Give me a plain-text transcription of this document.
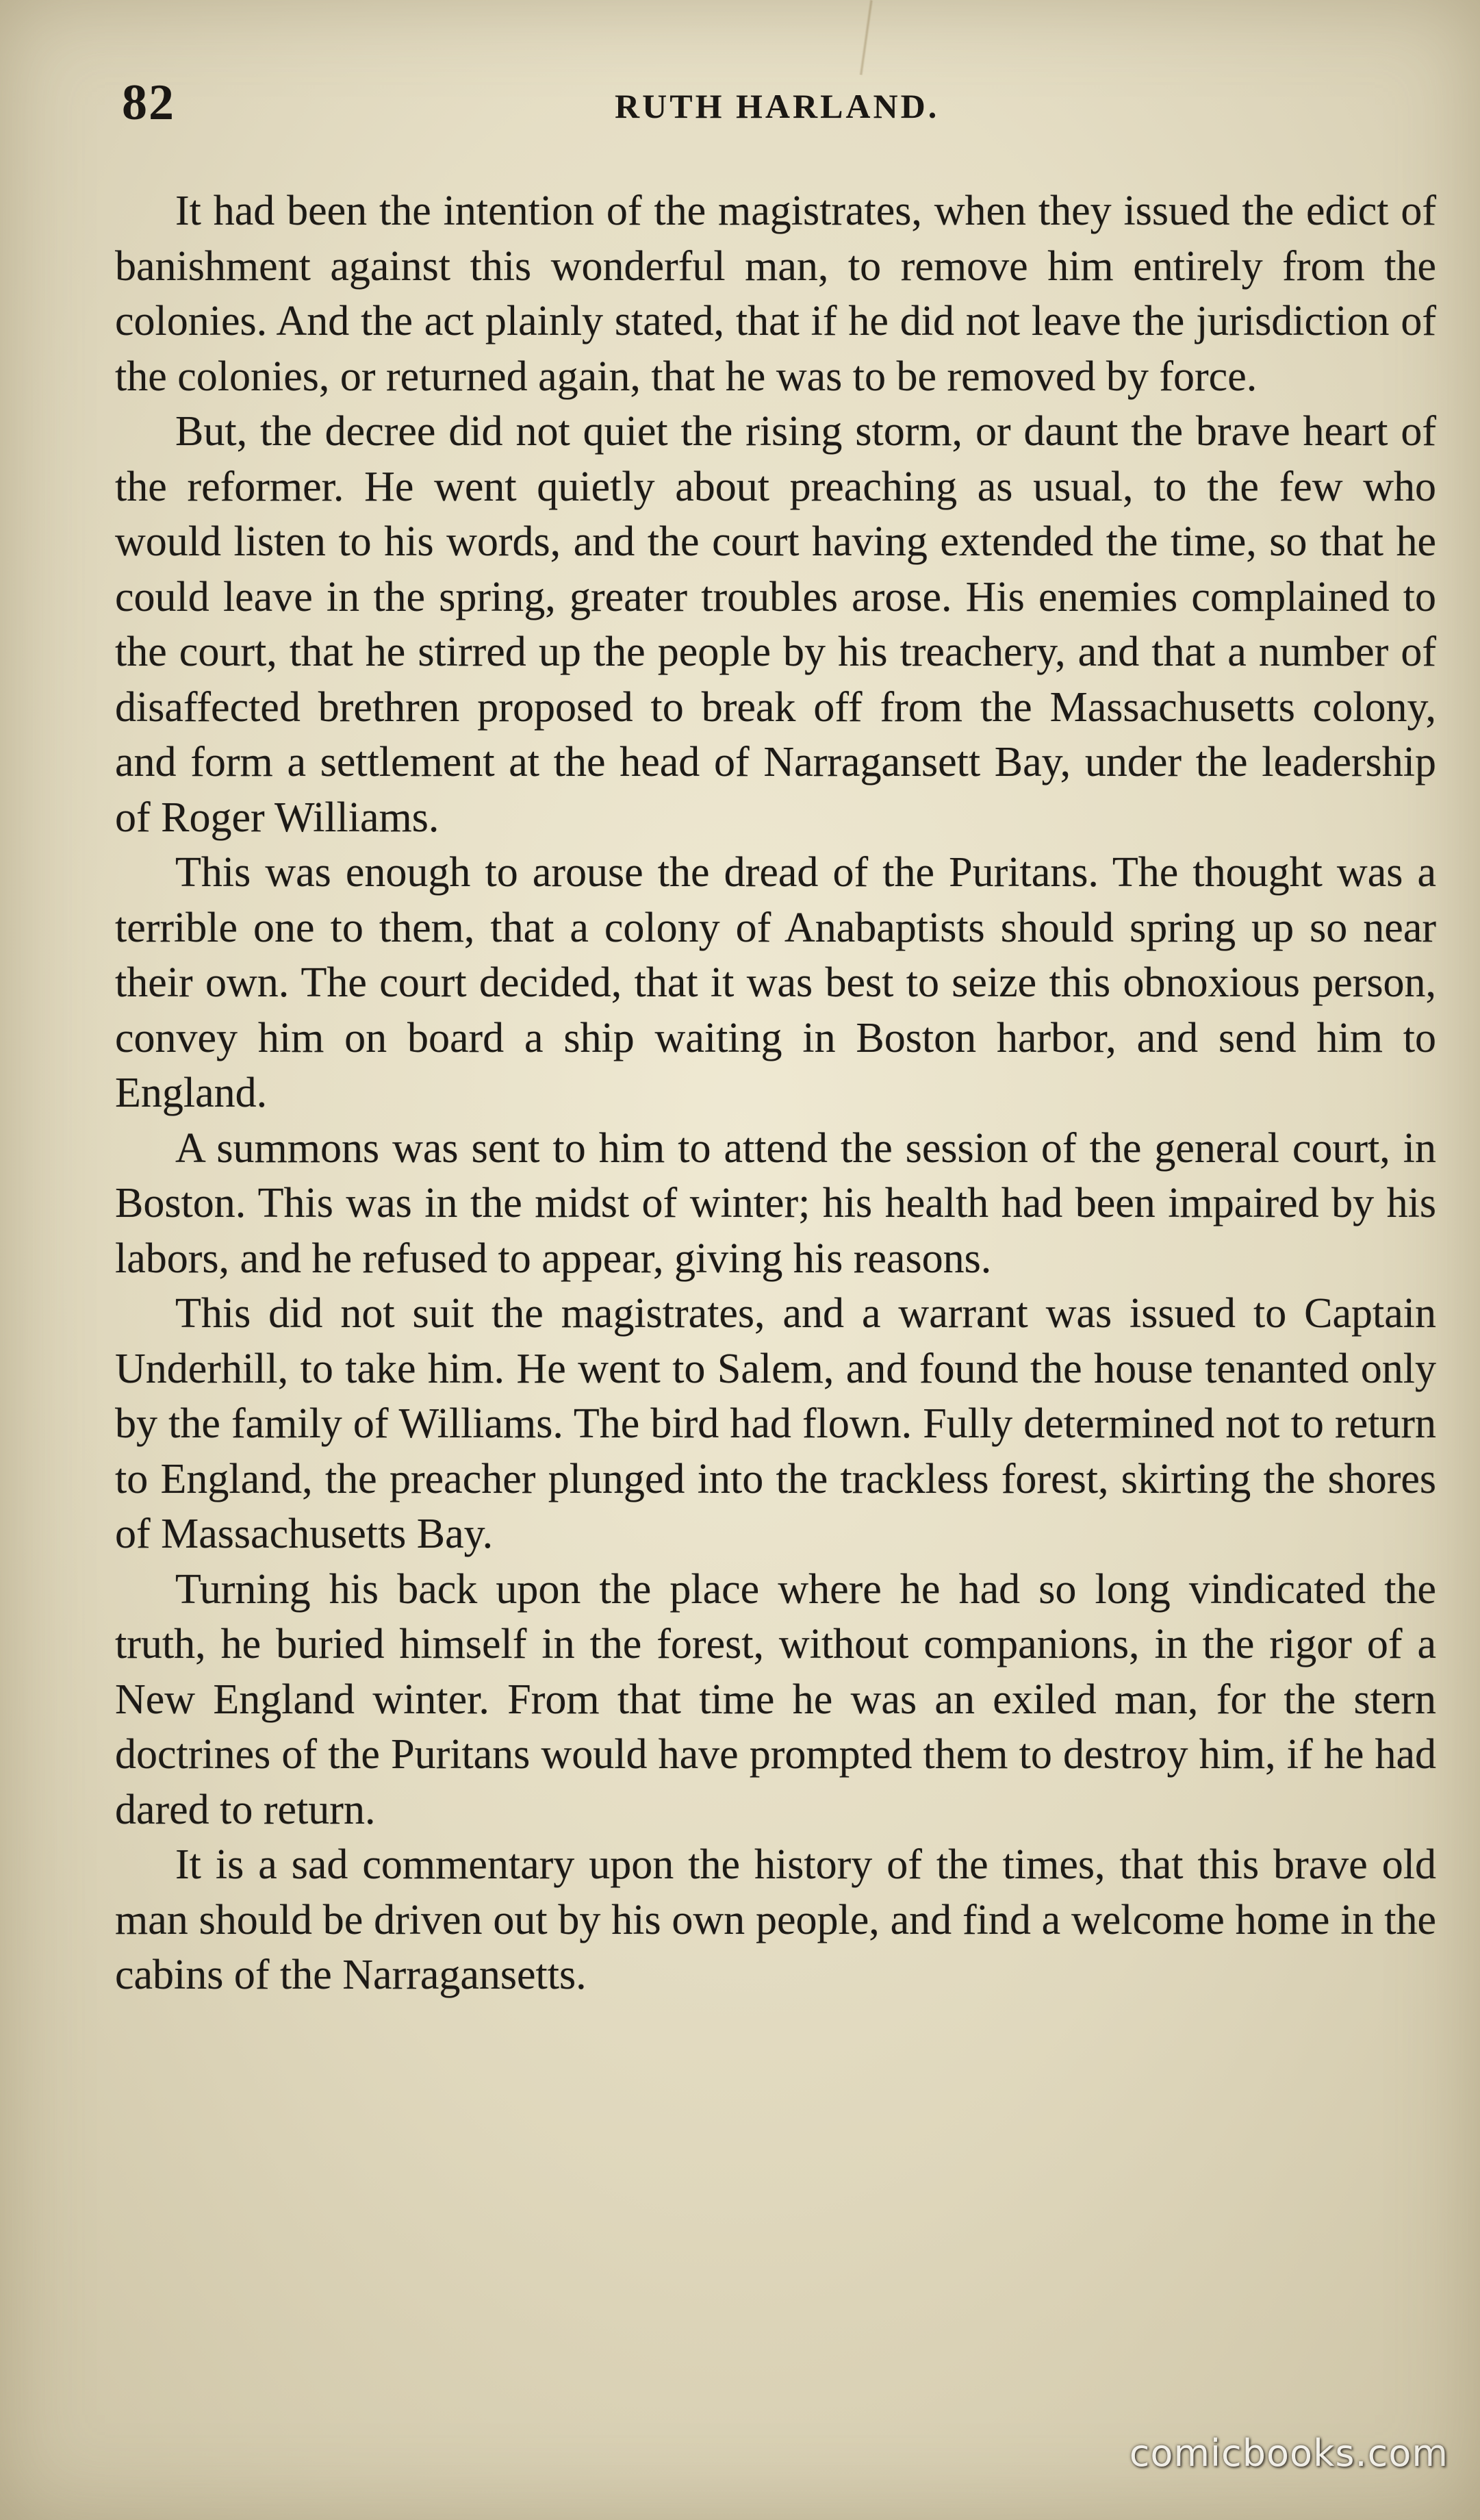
82	RUTH HARLAND.

It had been the intention of the magistrates, when they issued the edict of banishment against this wonderful man, to remove him entirely from the colonies. And the act plainly stated, that if he did not leave the jurisdiction of the colonies, or returned again, that he was to be removed by force.

But, the decree did not quiet the rising storm, or daunt the brave heart of the reformer. He went quietly about preaching as usual, to the few who would listen to his words, and the court having extended the time, so that he could leave in the spring, greater troubles arose. His enemies complained to the court, that he stirred up the people by his treachery, and that a number of disaffected brethren proposed to break off from the Massachusetts colony, and form a settlement at the head of Narragansett Bay, under the leadership of Roger Williams.

This was enough to arouse the dread of the Puritans. The thought was a terrible one to them, that a colony of Anabaptists should spring up so near their own. The court decided, that it was best to seize this obnoxious person, convey him on board a ship waiting in Boston harbor, and send him to England.

A summons was sent to him to attend the session of the general court, in Boston. This was in the midst of winter; his health had been impaired by his labors, and he refused to appear, giving his reasons.

This did not suit the magistrates, and a warrant was issued to Captain Underhill, to take him. He went to Salem, and found the house tenanted only by the family of Williams. The bird had flown. Fully determined not to return to England, the preacher plunged into the trackless forest, skirting the shores of Massachusetts Bay.

Turning his back upon the place where he had so long vindicated the truth, he buried himself in the forest, without companions, in the rigor of a New England winter. From that time he was an exiled man, for the stern doctrines of the Puritans would have prompted them to destroy him, if he had dared to return.

It is a sad commentary upon the history of the times, that this brave old man should be driven out by his own people, and find a welcome home in the cabins of the Narragansetts.

comicbooks.com
